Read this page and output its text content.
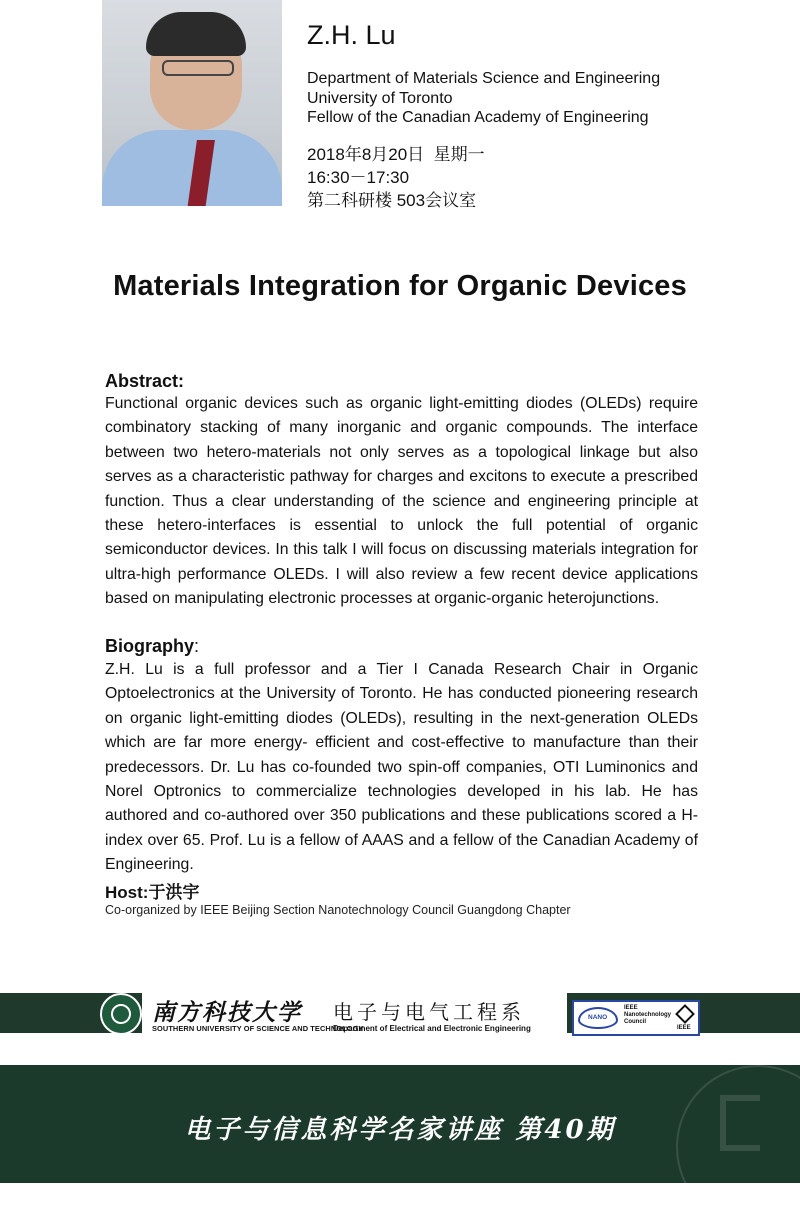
Z.H. Lu
Department of Materials Science and Engineering
University of Toronto
Fellow of the Canadian Academy of Engineering
2018年8月20日  星期一
16:30－17:30
第二科研楼 503会议室
Materials Integration for Organic Devices
Abstract:
Functional organic devices such as organic light-emitting diodes (OLEDs) require combinatory stacking of many inorganic and organic compounds. The interface between two hetero-materials not only serves as a topological linkage but also serves as a characteristic pathway for charges and excitons to execute a prescribed function. Thus a clear understanding of the science and engineering principle at these hetero-interfaces is essential to unlock the full potential of organic semiconductor devices. In this talk I will focus on discussing materials integration for ultra-high performance OLEDs. I will also review a few recent device applications based on manipulating electronic processes at organic-organic heterojunctions.
Biography:
Z.H. Lu is a full professor and a Tier I Canada Research Chair in Organic Optoelectronics at the University of Toronto. He has conducted pioneering research on organic light-emitting diodes (OLEDs), resulting in the next-generation OLEDs which are far more energy- efficient and cost-effective to manufacture than their predecessors. Dr. Lu has co-founded two spin-off companies, OTI Luminonics and Norel Optronics to commercialize technologies developed in his lab. He has authored and co-authored over 350 publications and these publications scored a H-index over 65. Prof. Lu is a fellow of AAAS and a fellow of the Canadian Academy of Engineering.
Host:于洪宇
Co-organized by IEEE Beijing Section Nanotechnology Council Guangdong Chapter
南方科技大学
SOUTHERN UNIVERSITY OF SCIENCE AND TECHNOLOGY
电子与电气工程系
Department of Electrical and Electronic Engineering
NANO
IEEE
Nanotechnology
Council
IEEE
电子与信息科学名家讲座 第40期
